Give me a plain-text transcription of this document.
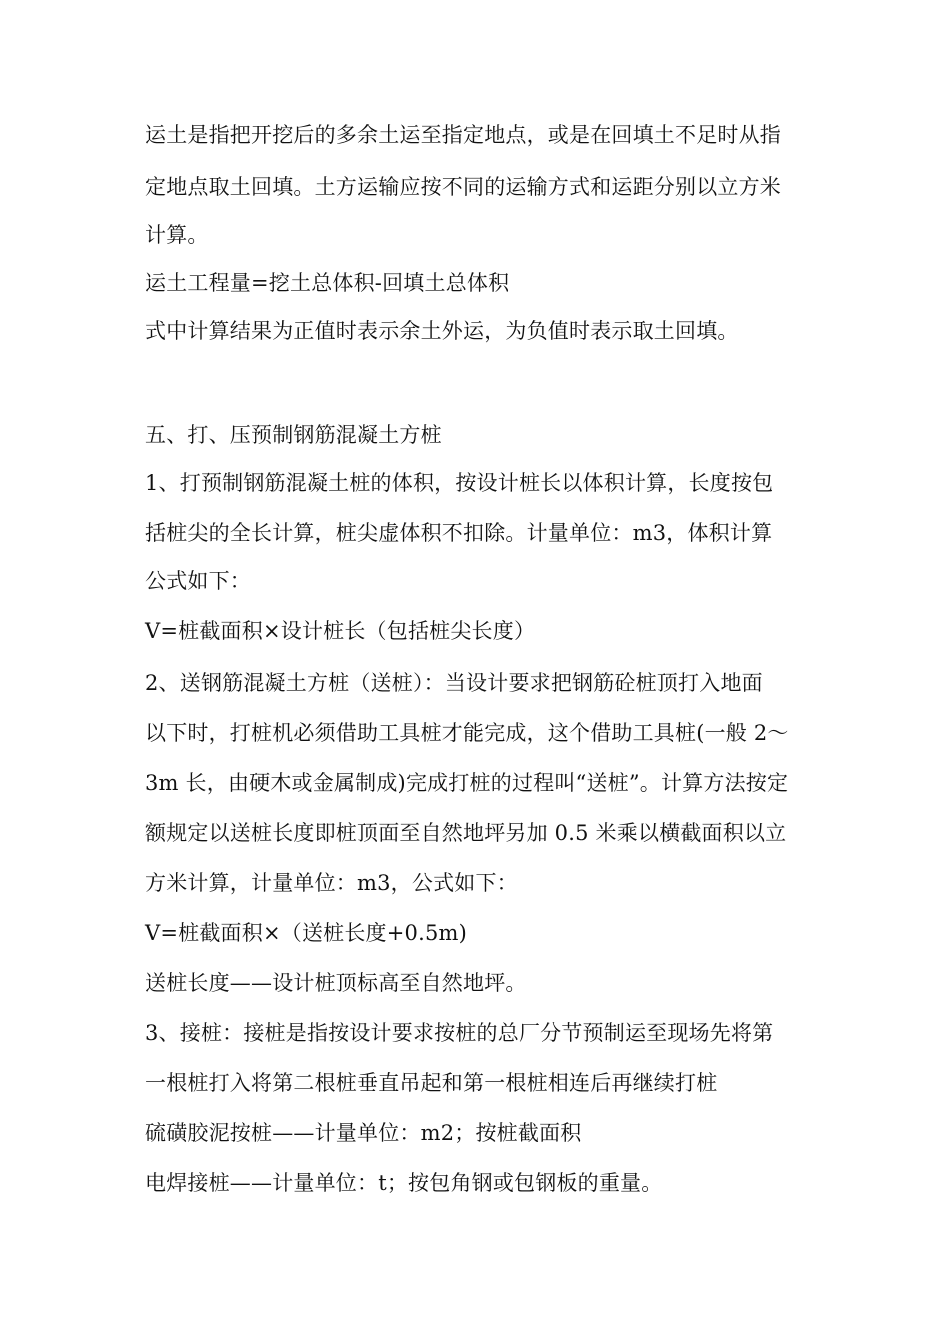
运土是指把开挖后的多余土运至指定地点，或是在回填土不足时从指
定地点取土回填。土方运输应按不同的运输方式和运距分别以立方米
计算。
运土工程量=挖土总体积-回填土总体积
式中计算结果为正值时表示余土外运，为负值时表示取土回填。
五、打、压预制钢筋混凝土方桩
1、打预制钢筋混凝土桩的体积，按设计桩长以体积计算，长度按包
括桩尖的全长计算，桩尖虚体积不扣除。计量单位：m3，体积计算
公式如下：
V=桩截面积×设计桩长（包括桩尖长度）
2、送钢筋混凝土方桩（送桩）：当设计要求把钢筋砼桩顶打入地面
以下时，打桩机必须借助工具桩才能完成，这个借助工具桩(一般 2～
3m 长，由硬木或金属制成)完成打桩的过程叫“送桩”。计算方法按定
额规定以送桩长度即桩顶面至自然地坪另加 0.5 米乘以横截面积以立
方米计算，计量单位：m3，公式如下：
V=桩截面积×（送桩长度+0.5m)
送桩长度——设计桩顶标高至自然地坪。
3、接桩：接桩是指按设计要求按桩的总厂分节预制运至现场先将第
一根桩打入将第二根桩垂直吊起和第一根桩相连后再继续打桩
硫磺胶泥按桩——计量单位：m2；按桩截面积
电焊接桩——计量单位：t；按包角钢或包钢板的重量。
